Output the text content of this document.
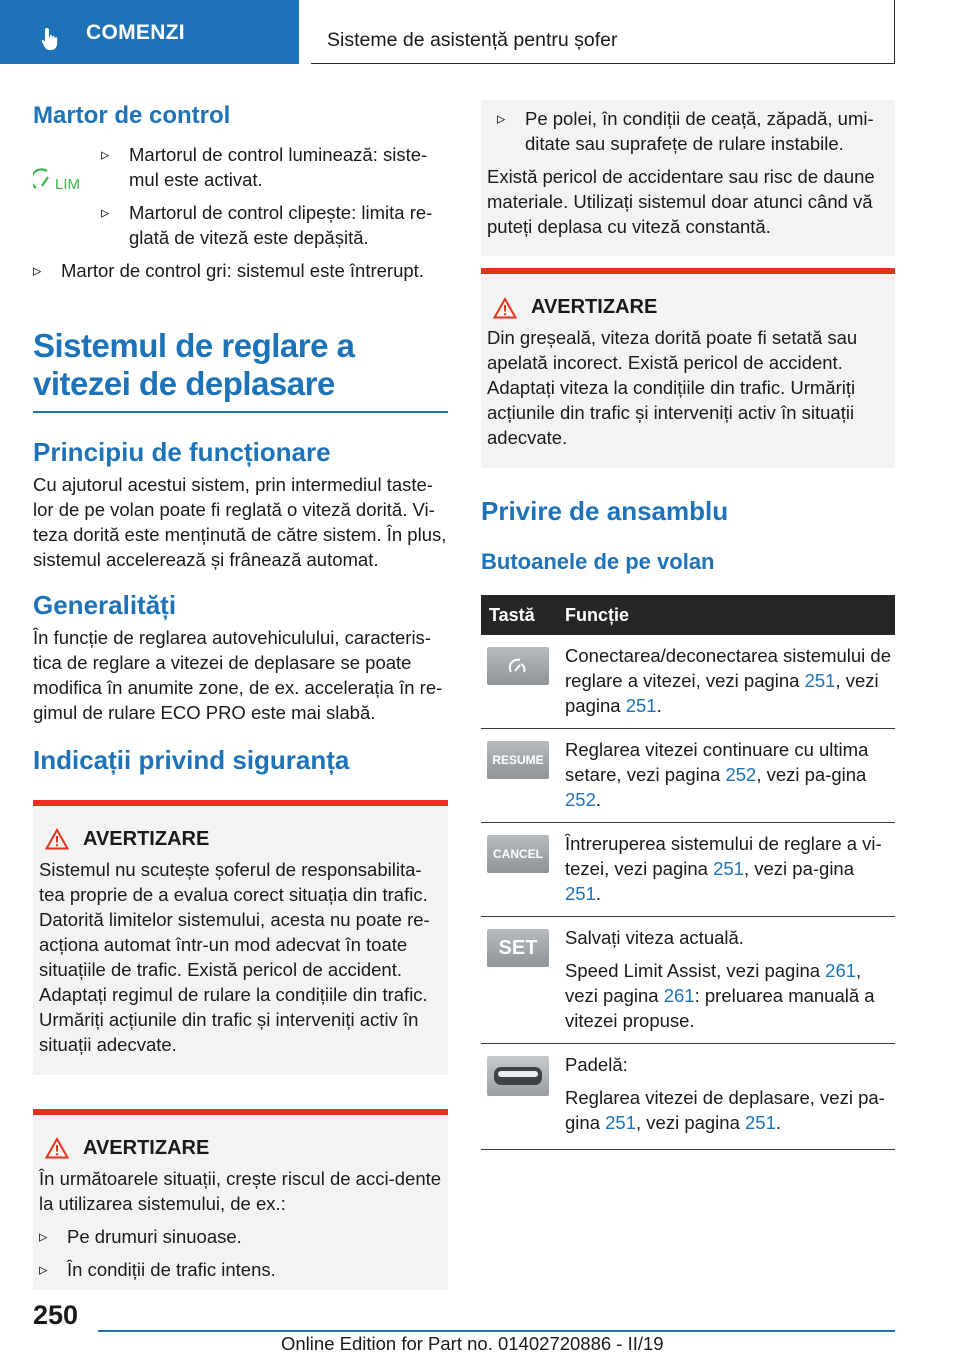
COMENZI	Sisteme de asistență pentru șofer
Martor de control
LIM
▹ Martorul de control luminează: siste-mul este activat.
▹ Martorul de control clipește: limita re-glată de viteză este depășită.
▹ Martor de control gri: sistemul este întrerupt.
Sistemul de reglare a vitezei de deplasare
Principiu de funcționare
Cu ajutorul acestui sistem, prin intermediul taste-lor de pe volan poate fi reglată o viteză dorită. Vi-teza dorită este menținută de către sistem. În plus, sistemul accelerează și frânează automat.
Generalități
În funcție de reglarea autovehiculului, caracteris-tica de reglare a vitezei de deplasare se poate modifica în anumite zone, de ex. accelerația în re-gimul de rulare ECO PRO este mai slabă.
Indicații privind siguranța
AVERTIZARE
Sistemul nu scutește șoferul de responsabilita-tea proprie de a evalua corect situația din trafic. Datorită limitelor sistemului, acesta nu poate re-acționa automat într-un mod adecvat în toate situațiile de trafic. Există pericol de accident. Adaptați regimul de rulare la condițiile din trafic. Urmăriți acțiunile din trafic și interveniți activ în situații adecvate.
AVERTIZARE
În următoarele situații, crește riscul de acci-dente la utilizarea sistemului, de ex.:
▹ Pe drumuri sinuoase.
▹ În condiții de trafic intens.
▹ Pe polei, în condiții de ceață, zăpadă, umi-ditate sau suprafețe de rulare instabile.
Există pericol de accidentare sau risc de daune materiale. Utilizați sistemul doar atunci când vă puteți deplasa cu viteză constantă.
AVERTIZARE
Din greșeală, viteza dorită poate fi setată sau apelată incorect. Există pericol de accident. Adaptați viteza la condițiile din trafic. Urmăriți acțiunile din trafic și interveniți activ în situații adecvate.
Privire de ansamblu
Butoanele de pe volan
Tastă	Funcție

	Conectarea/deconectarea sistemului de reglare a vitezei, vezi pagina 251, vezi pagina 251.

RESUME	Reglarea vitezei continuare cu ultima setare, vezi pagina 252, vezi pa-gina 252.

CANCEL	Întreruperea sistemului de reglare a vi-tezei, vezi pagina 251, vezi pa-gina 251.

SET	Salvați viteza actuală.
Speed Limit Assist, vezi pagina 261, vezi pagina 261: preluarea manuală a vitezei propuse.

Padelă:
Reglarea vitezei de deplasare, vezi pa-gina 251, vezi pagina 251.
250
Online Edition for Part no. 01402720886 - II/19
